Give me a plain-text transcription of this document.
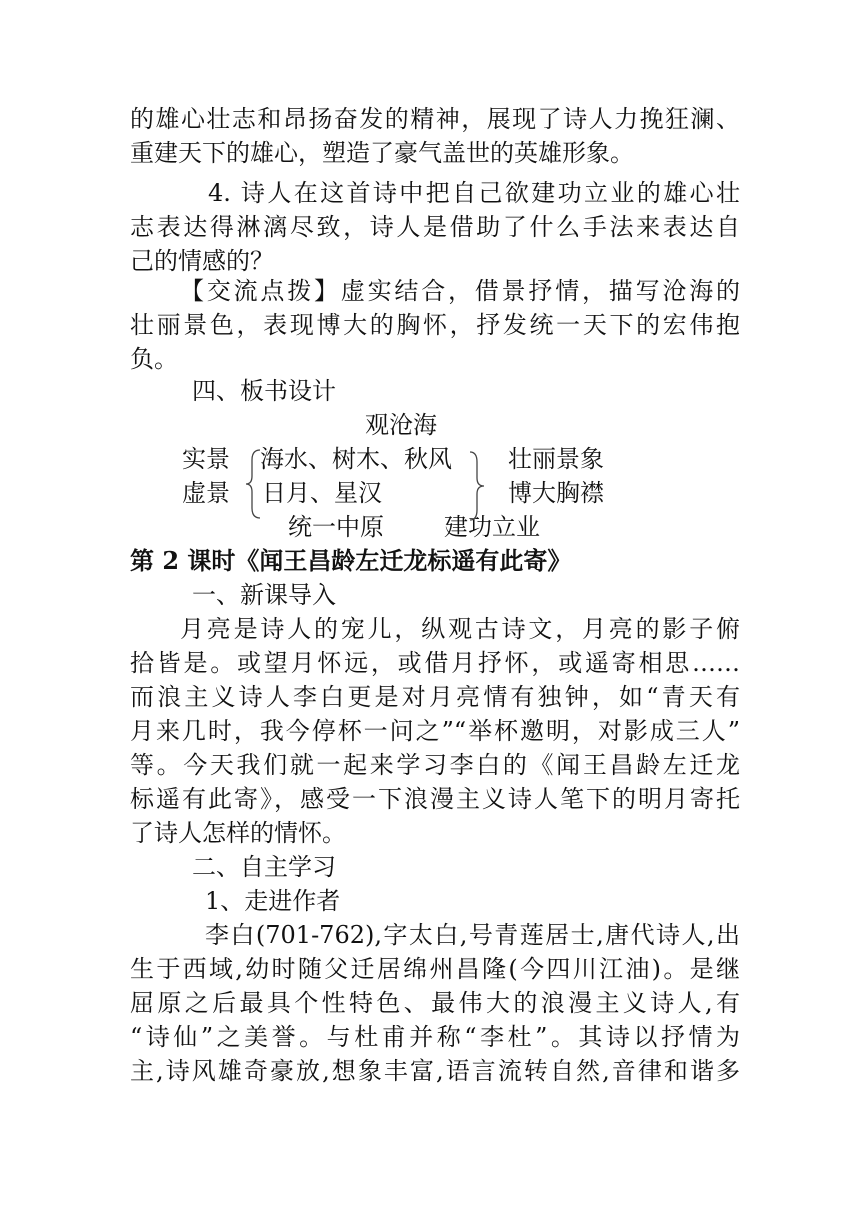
的雄心壮志和昂扬奋发的精神，展现了诗人力挽狂澜、
重建天下的雄心，塑造了豪气盖世的英雄形象。
4. 诗人在这首诗中把自己欲建功立业的雄心壮
志表达得淋漓尽致，诗人是借助了什么手法来表达自
己的情感的？
【交流点拨】虚实结合，借景抒情，描写沧海的
壮丽景色，表现博大的胸怀，抒发统一天下的宏伟抱
负。
四、板书设计
观沧海
实景 海水、树木、秋风 壮丽景象
虚景 日月、星汉	博大胸襟
统一中原	建功立业
第 2 课时《闻王昌龄左迁龙标遥有此寄》
一、新课导入
月亮是诗人的宠儿，纵观古诗文，月亮的影子俯
拾皆是。或望月怀远，或借月抒怀，或遥寄相思……
而浪主义诗人李白更是对月亮情有独钟，如“青天有
月来几时，我今停杯一问之”“举杯邀明，对影成三人”
等。今天我们就一起来学习李白的《闻王昌龄左迁龙
标遥有此寄》，感受一下浪漫主义诗人笔下的明月寄托
了诗人怎样的情怀。
二、自主学习
1、走进作者
李白(701-762),字太白,号青莲居士,唐代诗人,出
生于西域,幼时随父迁居绵州昌隆(今四川江油)。是继
屈原之后最具个性特色、最伟大的浪漫主义诗人,有
“诗仙”之美誉。与杜甫并称“李杜”。其诗以抒情为
主,诗风雄奇豪放,想象丰富,语言流转自然,音律和谐多
